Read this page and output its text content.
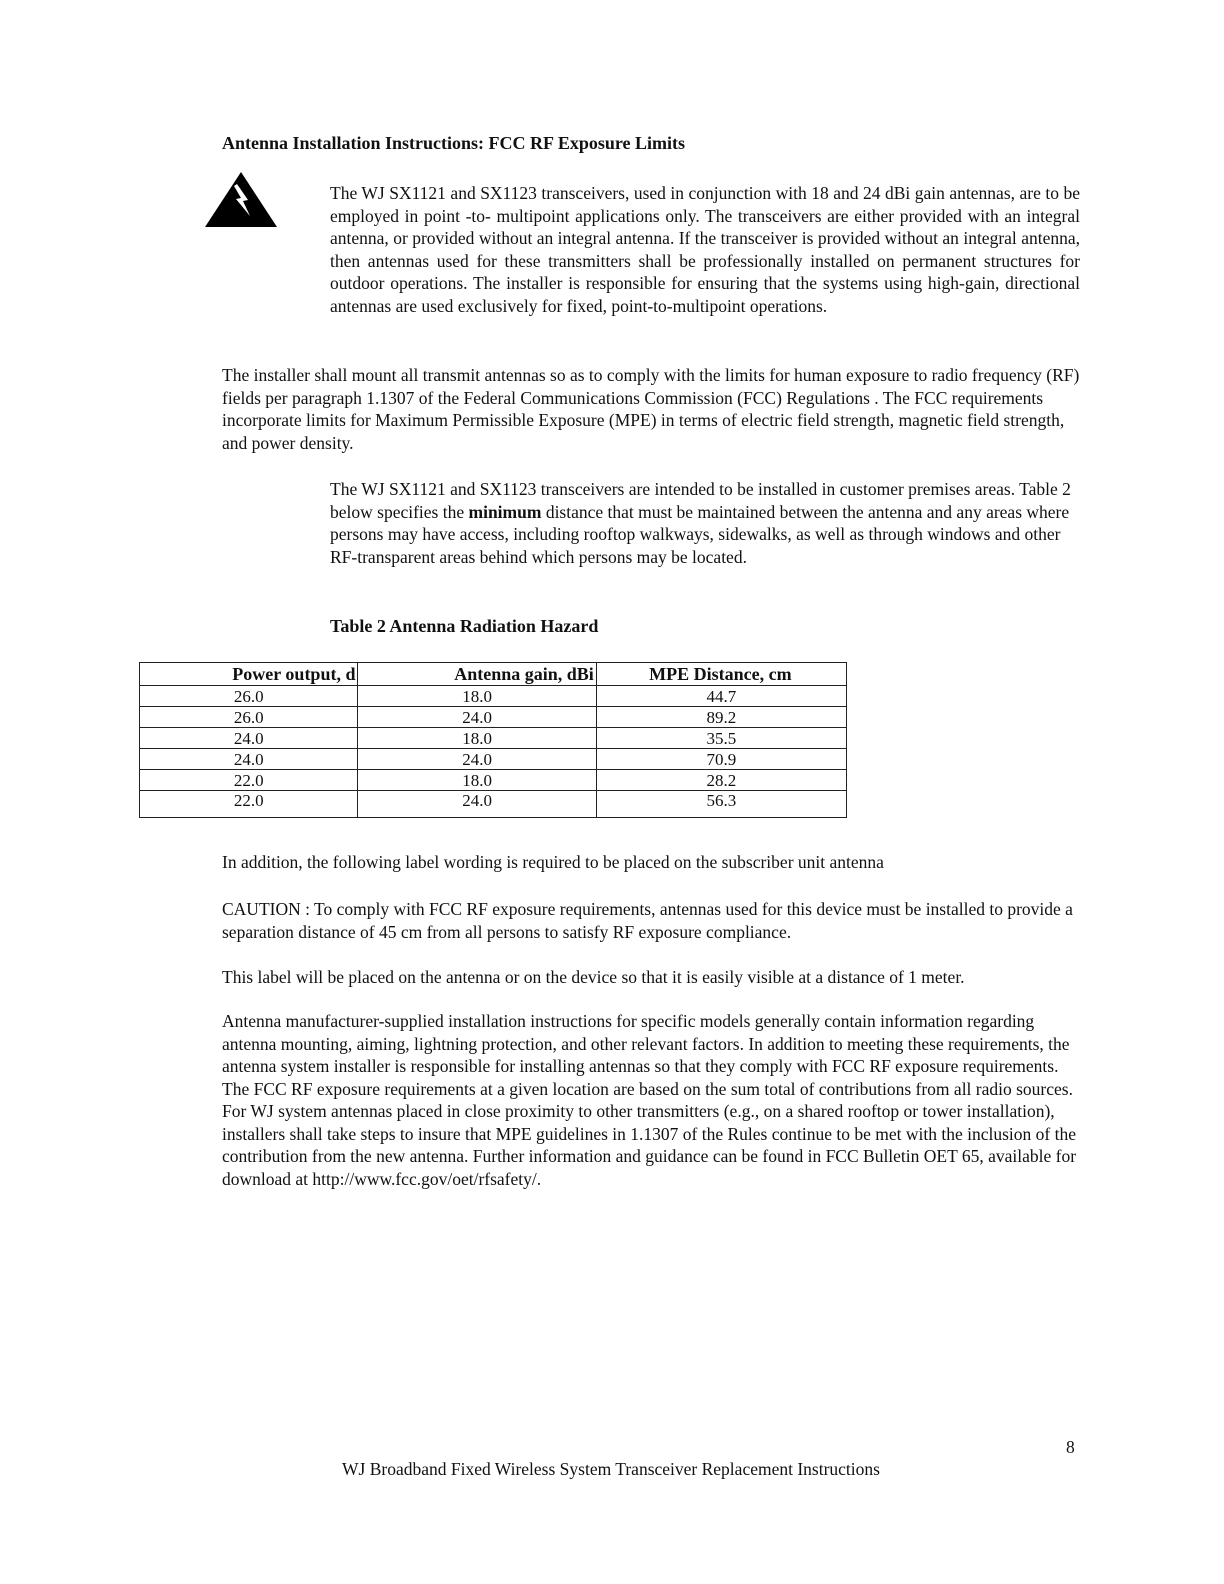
Antenna Installation Instructions: FCC RF Exposure Limits
The WJ SX1121 and SX1123 transceivers, used in conjunction with 18 and 24 dBi gain antennas, are to be employed in point -to- multipoint applications only. The transceivers are either provided with an integral antenna, or provided without an integral antenna. If the transceiver is provided without an integral antenna, then antennas used for these transmitters shall be professionally installed on permanent structures for outdoor operations. The installer is responsible for ensuring that the systems using high-gain, directional antennas are used exclusively for fixed, point-to-multipoint operations.
The installer shall mount all transmit antennas so as to comply with the limits for human exposure to radio frequency (RF) fields per paragraph 1.1307 of the Federal Communications Commission (FCC) Regulations . The FCC requirements incorporate limits for Maximum Permissible Exposure (MPE) in terms of electric field strength, magnetic field strength, and power density.
The WJ SX1121 and SX1123 transceivers are intended to be installed in customer premises areas. Table 2 below specifies the minimum distance that must be maintained between the antenna and any areas where persons may have access, including rooftop walkways, sidewalks, as well as through windows and other RF-transparent areas behind which persons may be located.
Table 2 Antenna Radiation Hazard
Power output, d	Antenna gain, dBi	MPE Distance, cm
26.0	18.0	44.7
26.0	24.0	89.2
24.0	18.0	35.5
24.0	24.0	70.9
22.0	18.0	28.2
22.0	24.0	56.3
In addition, the following label wording is required to be placed on the subscriber unit antenna
CAUTION : To comply with FCC RF exposure requirements, antennas used for this device must be installed to provide a separation distance of 45 cm from all persons to satisfy RF exposure compliance.
This label will be placed on the antenna or on the device so that it is easily visible at a distance of 1 meter.
Antenna manufacturer-supplied installation instructions for specific models generally contain information regarding antenna mounting, aiming, lightning protection, and other relevant factors. In addition to meeting these requirements, the antenna system installer is responsible for installing antennas so that they comply with FCC RF exposure requirements. The FCC RF exposure requirements at a given location are based on the sum total of contributions from all radio sources. For WJ system antennas placed in close proximity to other transmitters (e.g., on a shared rooftop or tower installation), installers shall take steps to insure that MPE guidelines in 1.1307 of the Rules continue to be met with the inclusion of the contribution from the new antenna. Further information and guidance can be found in FCC Bulletin OET 65, available for download at http://www.fcc.gov/oet/rfsafety/.
8
WJ Broadband Fixed Wireless System Transceiver Replacement Instructions
